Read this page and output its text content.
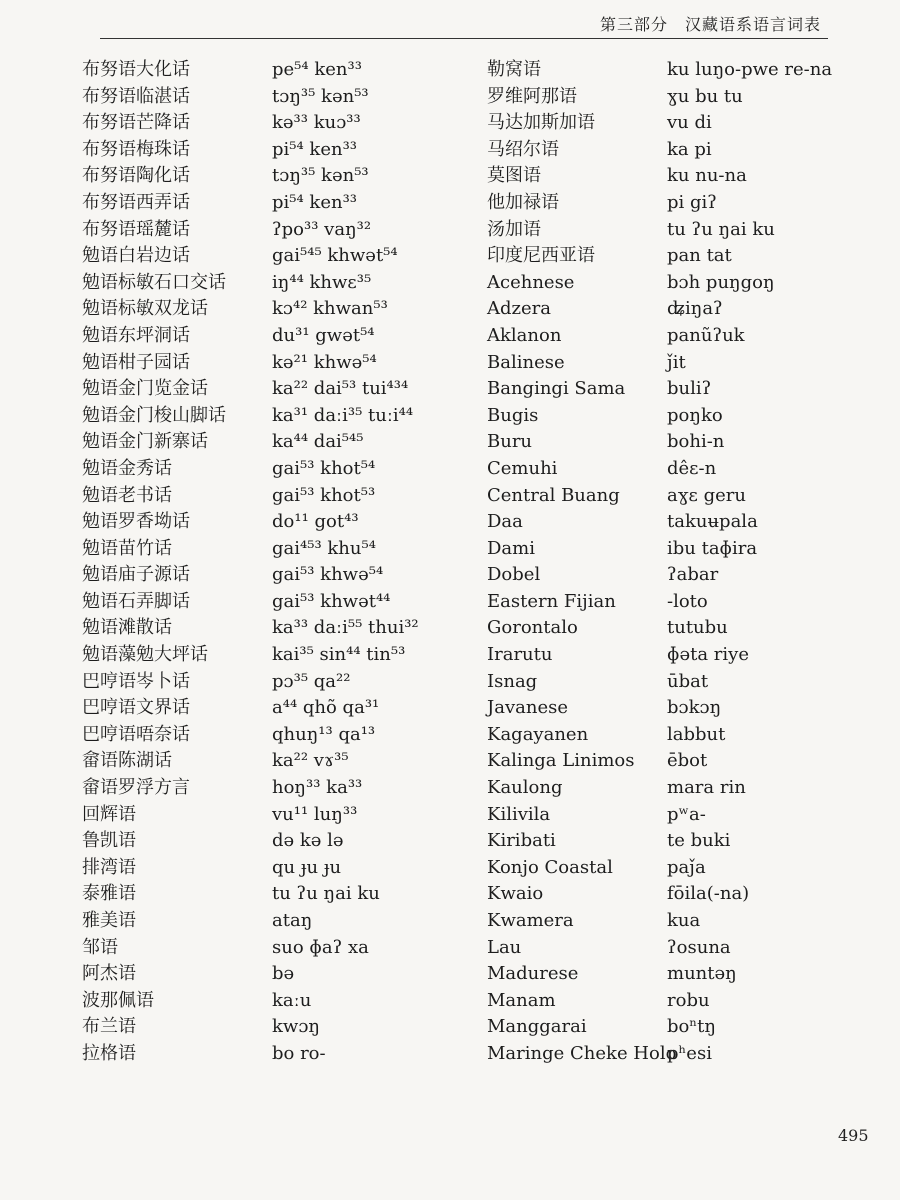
第三部分　汉藏语系语言词表
布努语大化话
布努语临湛话
布努语芒降话
布努语梅珠话
布努语陶化话
布努语西弄话
布努语瑶麓话
勉语白岩边话
勉语标敏石口交话
勉语标敏双龙话
勉语东坪洞话
勉语柑子园话
勉语金门览金话
勉语金门梭山脚话
勉语金门新寨话
勉语金秀话
勉语老书话
勉语罗香坳话
勉语苗竹话
勉语庙子源话
勉语石弄脚话
勉语滩散话
勉语藻勉大坪话
巴哼语岑卜话
巴哼语文界话
巴哼语唔奈话
畲语陈湖话
畲语罗浮方言
回辉语
鲁凯语
排湾语
泰雅语
雅美语
邹语
阿杰语
波那佩语
布兰语
拉格语
pe⁵⁴ ken³³
tɔŋ³⁵ kən⁵³
kə³³ kuɔ³³
pi⁵⁴ ken³³
tɔŋ³⁵ kən⁵³
pi⁵⁴ ken³³
ʔpo³³ vaŋ³²
gai⁵⁴⁵ khwət⁵⁴
iŋ⁴⁴ khwɛ³⁵
kɔ⁴² khwan⁵³
du³¹ gwət⁵⁴
kə²¹ khwə⁵⁴
ka²² dai⁵³ tui⁴³⁴
ka³¹ daːi³⁵ tuːi⁴⁴
ka⁴⁴ dai⁵⁴⁵
gai⁵³ khot⁵⁴
gai⁵³ khot⁵³
do¹¹ got⁴³
gai⁴⁵³ khu⁵⁴
gai⁵³ khwə⁵⁴
gai⁵³ khwət⁴⁴
ka³³ daːi⁵⁵ thui³²
kai³⁵ sin⁴⁴ tin⁵³
pɔ³⁵ qa²²
a⁴⁴ qhõ qa³¹
qhuŋ¹³ qa¹³
ka²² vɤ³⁵
hoŋ³³ ka³³
vu¹¹ luŋ³³
də kə lə
qu ɟu ɟu
tu ʔu ŋai ku
ataŋ
suo ɸaʔ xa
bə
kaːu
kwɔŋ
bo ro-
勒窝语
罗维阿那语
马达加斯加语
马绍尔语
莫图语
他加禄语
汤加语
印度尼西亚语
Acehnese
Adzera
Aklanon
Balinese
Bangingi Sama
Bugis
Buru
Cemuhi
Central Buang
Daa
Dami
Dobel
Eastern Fijian
Gorontalo
Irarutu
Isnag
Javanese
Kagayanen
Kalinga Linimos
Kaulong
Kilivila
Kiribati
Konjo Coastal
Kwaio
Kwamera
Lau
Madurese
Manam
Manggarai
Maringe Cheke Holo
ku luŋo-pwe re-na
ɣu bu tu
vu di
ka pi
ku nu-na
pi giʔ
tu ʔu ŋai ku
pan tat
bɔh puŋgoŋ
ʥiŋaʔ
panũʔuk
ǰit
buliʔ
poŋko
bohi-n
dêɛ-n
aɣɛ geru
takuʉpala
ibu taɸira
ʔabar
-loto
tutubu
ɸəta riye
ūbat
bɔkɔŋ
labbut
ēbot
mara rin
pʷa-
te buki
paǰa
fōila(-na)
kua
ʔosuna
muntəŋ
robu
boⁿtŋ
pʰesi
495
